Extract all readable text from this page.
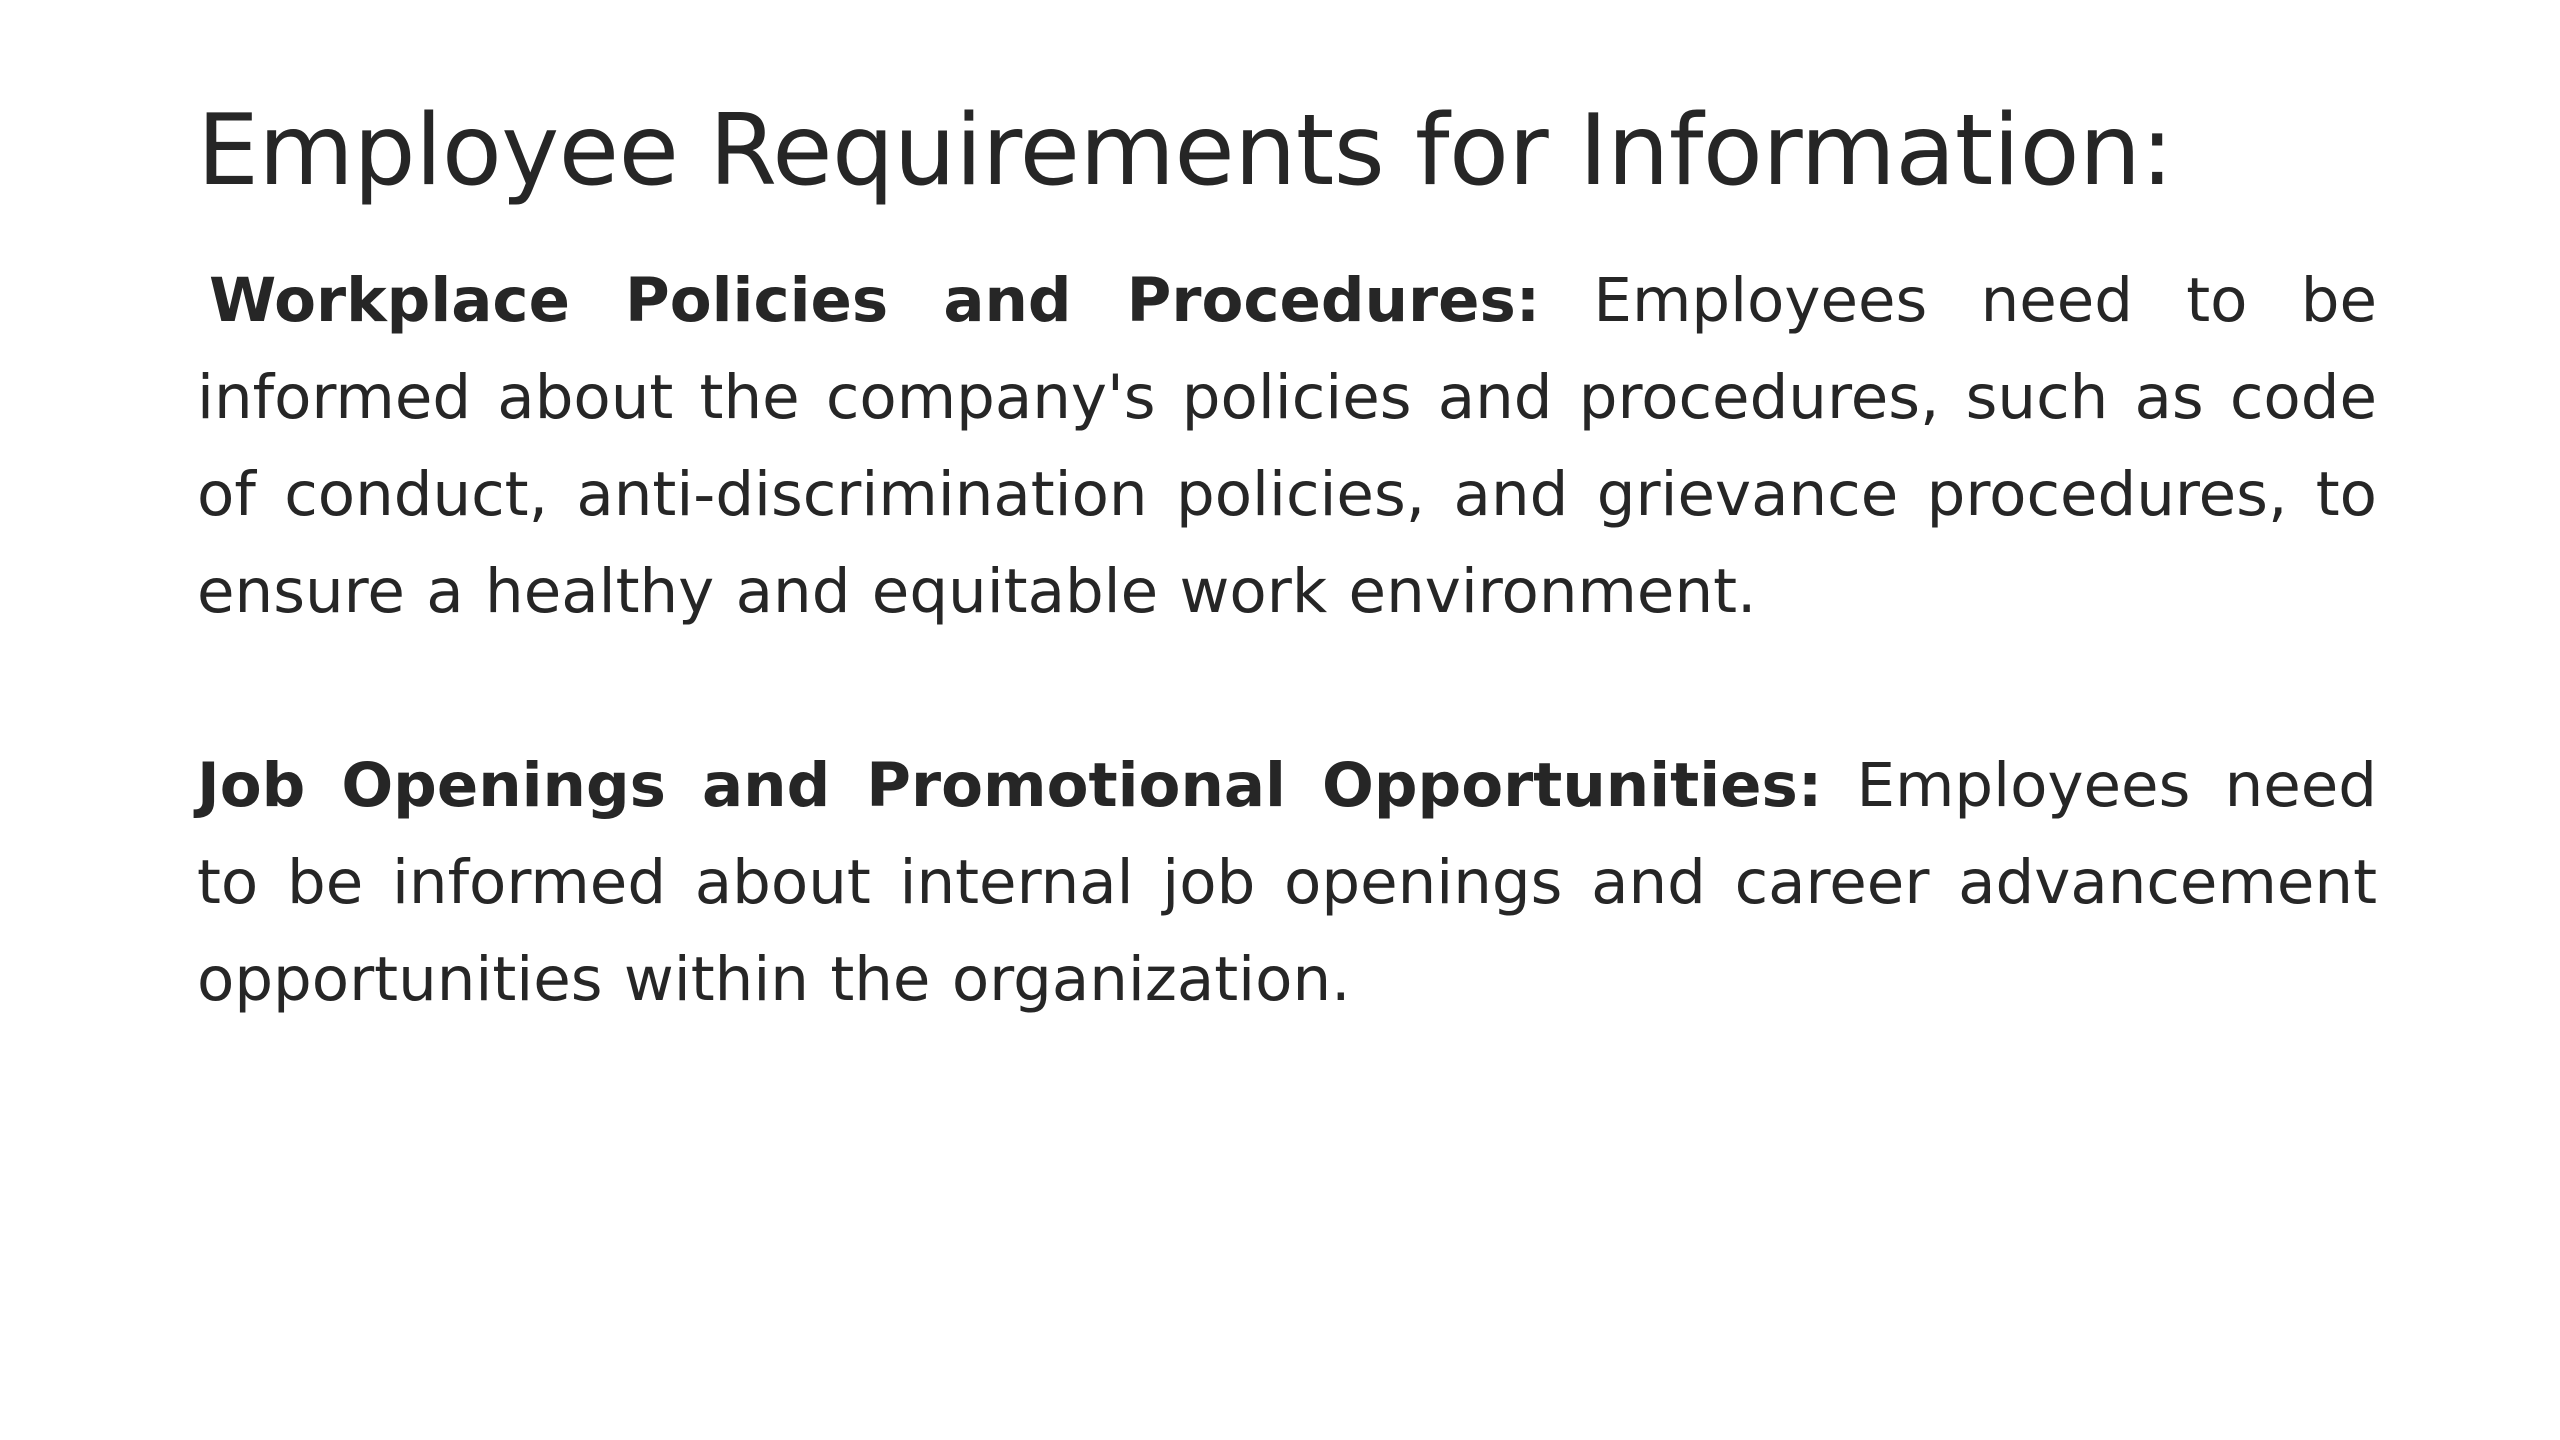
Employee Requirements for Information:

Workplace Policies and Procedures: Employees need to be informed about the company's policies and procedures, such as code of conduct, anti-discrimination policies, and grievance procedures, to ensure a healthy and equitable work environment.

Job Openings and Promotional Opportunities: Employees need to be informed about internal job openings and career advancement opportunities within the organization.
